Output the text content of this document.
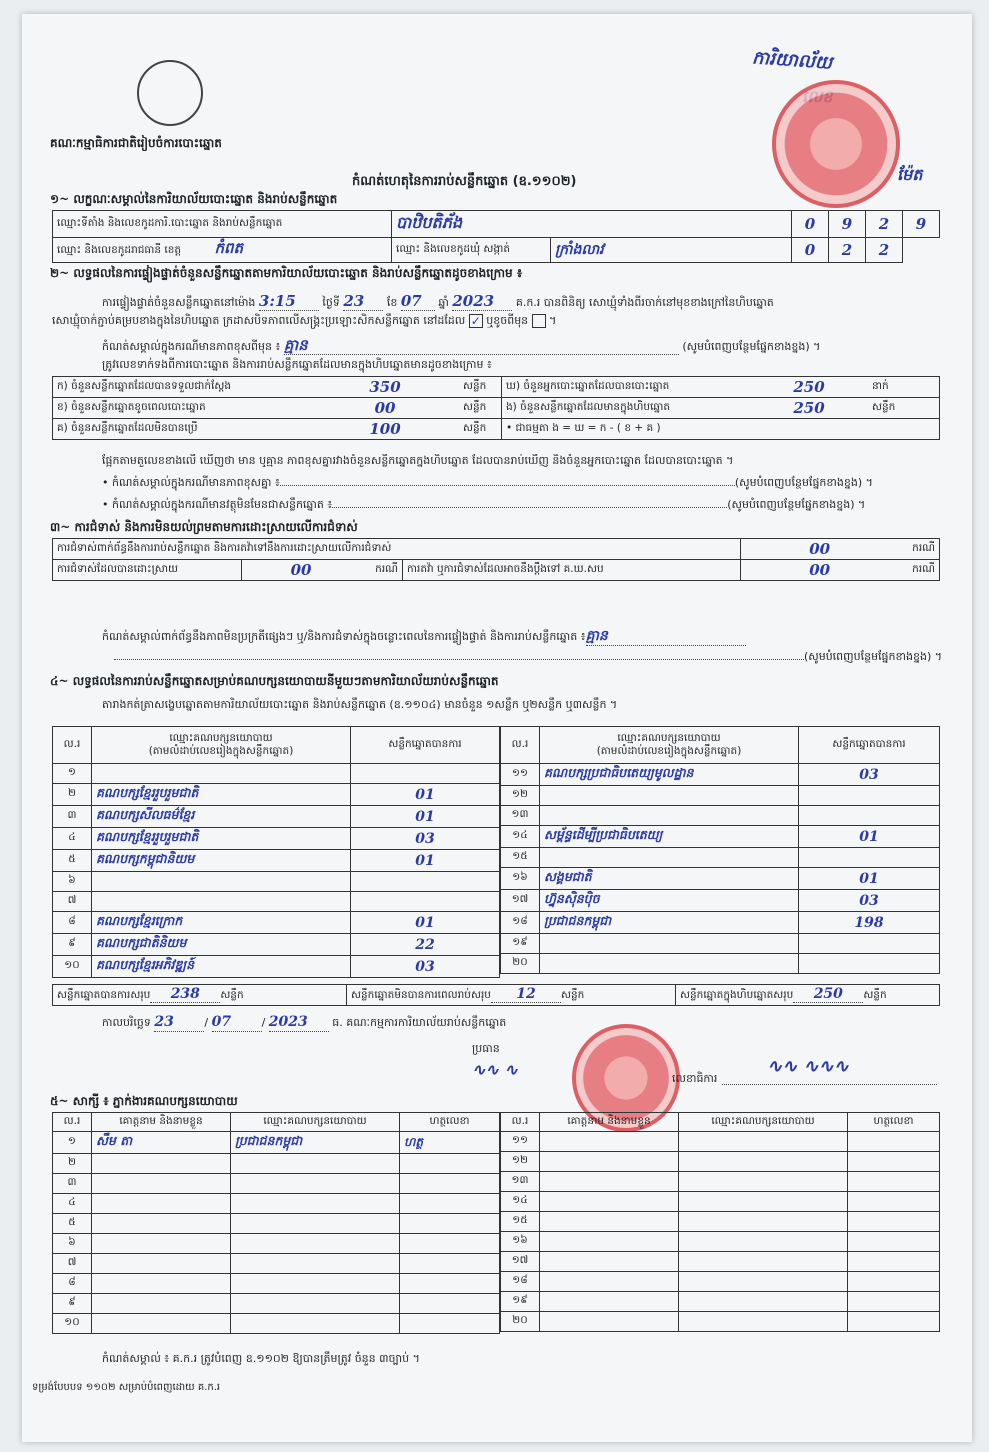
គណៈកម្មាធិការជាតិរៀបចំការបោះឆ្នោត
កំណត់ហេតុនៃការរាប់សន្លឹកឆ្នោត (ឧ.១១០២)
ការិយាល័យ
ម៉ែត
១~ លក្ខណៈសម្គាល់នៃការិយាល័យបោះឆ្នោត និងរាប់សន្លឹកឆ្នោត
ឈ្មោះទីតាំង និងលេខកូដការិ.បោះឆ្នោត និងរាប់សន្លឹកឆ្នោត	បាឋិបតិភ័ង		0	9	2	9
ឈ្មោះ និងលេខកូដរាជធានី ខេត្ត កំពត	ឈ្មោះ និងលេខកូដឃុំ សង្កាត់	ក្រាំងលាវ	0	2	2	
២~ លទ្ធផលនៃការផ្ទៀងផ្ទាត់ចំនួនសន្លឹកឆ្នោតតាមការិយាល័យបោះឆ្នោត និងរាប់សន្លឹកឆ្នោតដូចខាងក្រោម ៖
ការផ្ទៀងផ្ទាត់ចំនួនសន្លឹកឆ្នោតនៅម៉ោង 3:15 ថ្ងៃទី 23 ខែ 07 ឆ្នាំ 2023 គ.ក.រ បានពិនិត្យ សោឃ្មុំទាំងពីរចាក់នៅមុខខាងក្រៅនៃហិបឆ្នោត
សោឃ្មុំចាក់ភ្ជាប់គម្របខាងក្នុងនៃហិបឆ្នោត ក្រដាសបិទភាពលើសង្គ្រះប្រឡោះសិកសន្លឹកឆ្នោត នៅដដែល ✓ ឬខូចពីមុន  ។
កំណត់សម្គាល់ក្នុងករណីមានភាពខុសពីមុន ៖ គ្មាន	(សូមបំពេញបន្ថែមផ្នែកខាងខ្នង) ។
ត្រូវលេខទាក់ទងពីការបោះឆ្នោត និងការរាប់សន្លឹកឆ្នោតដែលមានក្នុងហិបឆ្នោតមានដូចខាងក្រោម ៖
ក) ចំនួនសន្លឹកឆ្នោតដែលបានទទួលជាក់ស្តែង	350	សន្លឹក	ឃ) ចំនួនអ្នកបោះឆ្នោតដែលបានបោះឆ្នោត	250	នាក់
ខ) ចំនួនសន្លឹកឆ្នោតខូចពេលបោះឆ្នោត	00	សន្លឹក	ង) ចំនួនសន្លឹកឆ្នោតដែលមានក្នុងហិបឆ្នោត	250	សន្លឹក
គ) ចំនួនសន្លឹកឆ្នោតដែលមិនបានប្រើ	100	សន្លឹក	• ជាធម្មតា ង = ឃ = ក - ( ខ + គ )		
ផ្អែកតាមតួលេខខាងលើ ឃើញថា មាន ឬគ្មាន ភាពខុសគ្នារវាងចំនួនសន្លឹកឆ្នោតក្នុងហិបឆ្នោត ដែលបានរាប់ឃើញ និងចំនួនអ្នកបោះឆ្នោត ដែលបានបោះឆ្នោត ។
• កំណត់សម្គាល់ក្នុងករណីមានភាពខុសគ្នា ៖	(សូមបំពេញបន្ថែមផ្នែកខាងខ្នង) ។
• កំណត់សម្គាល់ក្នុងករណីមានវត្ថុមិនមែនជាសន្លឹកឆ្នោត ៖	(សូមបំពេញបន្ថែមផ្នែកខាងខ្នង) ។
៣~ ការជំទាស់ និងការមិនយល់ព្រមតាមការដោះស្រាយលើការជំទាស់
ការជំទាស់ពាក់ព័ន្ធនឹងការរាប់សន្លឹកឆ្នោត និងការតវ៉ាទៅនឹងការដោះស្រាយលើការជំទាស់				00	ករណី
ការជំទាស់ដែលបានដោះស្រាយ	00	ករណី	ការតវ៉ា ឬការជំទាស់ដែលអាចនឹងប្តឹងទៅ គ.ឃ.សប	00	ករណី
កំណត់សម្គាល់ពាក់ព័ន្ធនឹងភាពមិនប្រក្រតីផ្សេងៗ ឬ/និងការជំទាស់ក្នុងចន្លោះពេលនៃការផ្ទៀងផ្ទាត់ និងការរាប់សន្លឹកឆ្នោត ៖គ្មាន
(សូមបំពេញបន្ថែមផ្នែកខាងខ្នង) ។
៤~ លទ្ធផលនៃការរាប់សន្លឹកឆ្នោតសម្រាប់គណបក្សនយោបាយនីមួយៗតាមការិយាល័យរាប់សន្លឹកឆ្នោត
តារាងកត់ត្រាសង្ខេបឆ្នោតតាមការិយាល័យបោះឆ្នោត និងរាប់សន្លឹកឆ្នោត (ឧ.១១០៤) មានចំនួន ១សន្លឹក ឬ២សន្លឹក ឬ៣សន្លឹក ។
ល.រ	ឈ្មោះគណបក្សនយោបាយ
(តាមលំដាប់លេខរៀងក្នុងសន្លឹកឆ្នោត)	សន្លឹកឆ្នោតបានការ
១		
២	គណបក្សខ្មែររួបរួមជាតិ	01
៣	គណបក្សសីលធម៌ខ្មែរ	01
៤	គណបក្សខ្មែររួបរួមជាតិ	03
៥	គណបក្សកម្ពុជានិយម	01
៦		
៧		
៨	គណបក្សខ្មែរក្រោក	01
៩	គណបក្សជាតិនិយម	22
១០	គណបក្សខ្មែរអភិវឌ្ឍន៍	03
ល.រ	ឈ្មោះគណបក្សនយោបាយ
(តាមលំដាប់លេខរៀងក្នុងសន្លឹកឆ្នោត)	សន្លឹកឆ្នោតបានការ
១១	គណបក្សប្រជាធិបតេយ្យមូលដ្ឋាន	03
១២		
១៣		
១៤	សម្ព័ន្ធដើម្បីប្រជាធិបតេយ្យ	01
១៥		
១៦	សង្គមជាតិ	01
១៧	ហ្វ៊ុនស៊ិនប៉ិច	03
១៨	ប្រជាជនកម្ពុជា	198
១៩		
២០		
សន្លឹកឆ្នោតបានការសរុប 238 សន្លឹក	សន្លឹកឆ្នោតមិនបានការពេលរាប់សរុប 12 សន្លឹក	សន្លឹកឆ្នោតក្នុងហិបឆ្នោតសរុប 250 សន្លឹក
កាលបរិច្ឆេទ 23	/ 07	/ 2023 ធ. គណៈកម្មការការិយាល័យរាប់សន្លឹកឆ្នោត
ប្រធាន
∿∿ ∿	លេខាធិការ
∿∿ ∿∿∿
៥~ សាក្សី ៖ ភ្នាក់ងារគណបក្សនយោបាយ
ល.រ	គោត្តនាម និងនាមខ្លួន	ឈ្មោះគណបក្សនយោបាយ	ហត្ថលេខា
១	សឹម តា	ប្រជាជនកម្ពុជា	ហត្ថ
២			
៣			
៤			
៥			
៦			
៧			
៨			
៩			
១០			
ល.រ	គោត្តនាម និងនាមខ្លួន	ឈ្មោះគណបក្សនយោបាយ	ហត្ថលេខា
១១			
១២			
១៣			
១៤			
១៥			
១៦			
១៧			
១៨			
១៩			
២០			
កំណត់សម្គាល់ ៖ គ.ក.រ ត្រូវបំពេញ ឧ.១១០២ ឱ្យបានត្រឹមត្រូវ ចំនួន ៣ច្បាប់ ។
ទម្រង់បែបបទ ១១០២ សម្រាប់បំពេញដោយ គ.ក.រ
